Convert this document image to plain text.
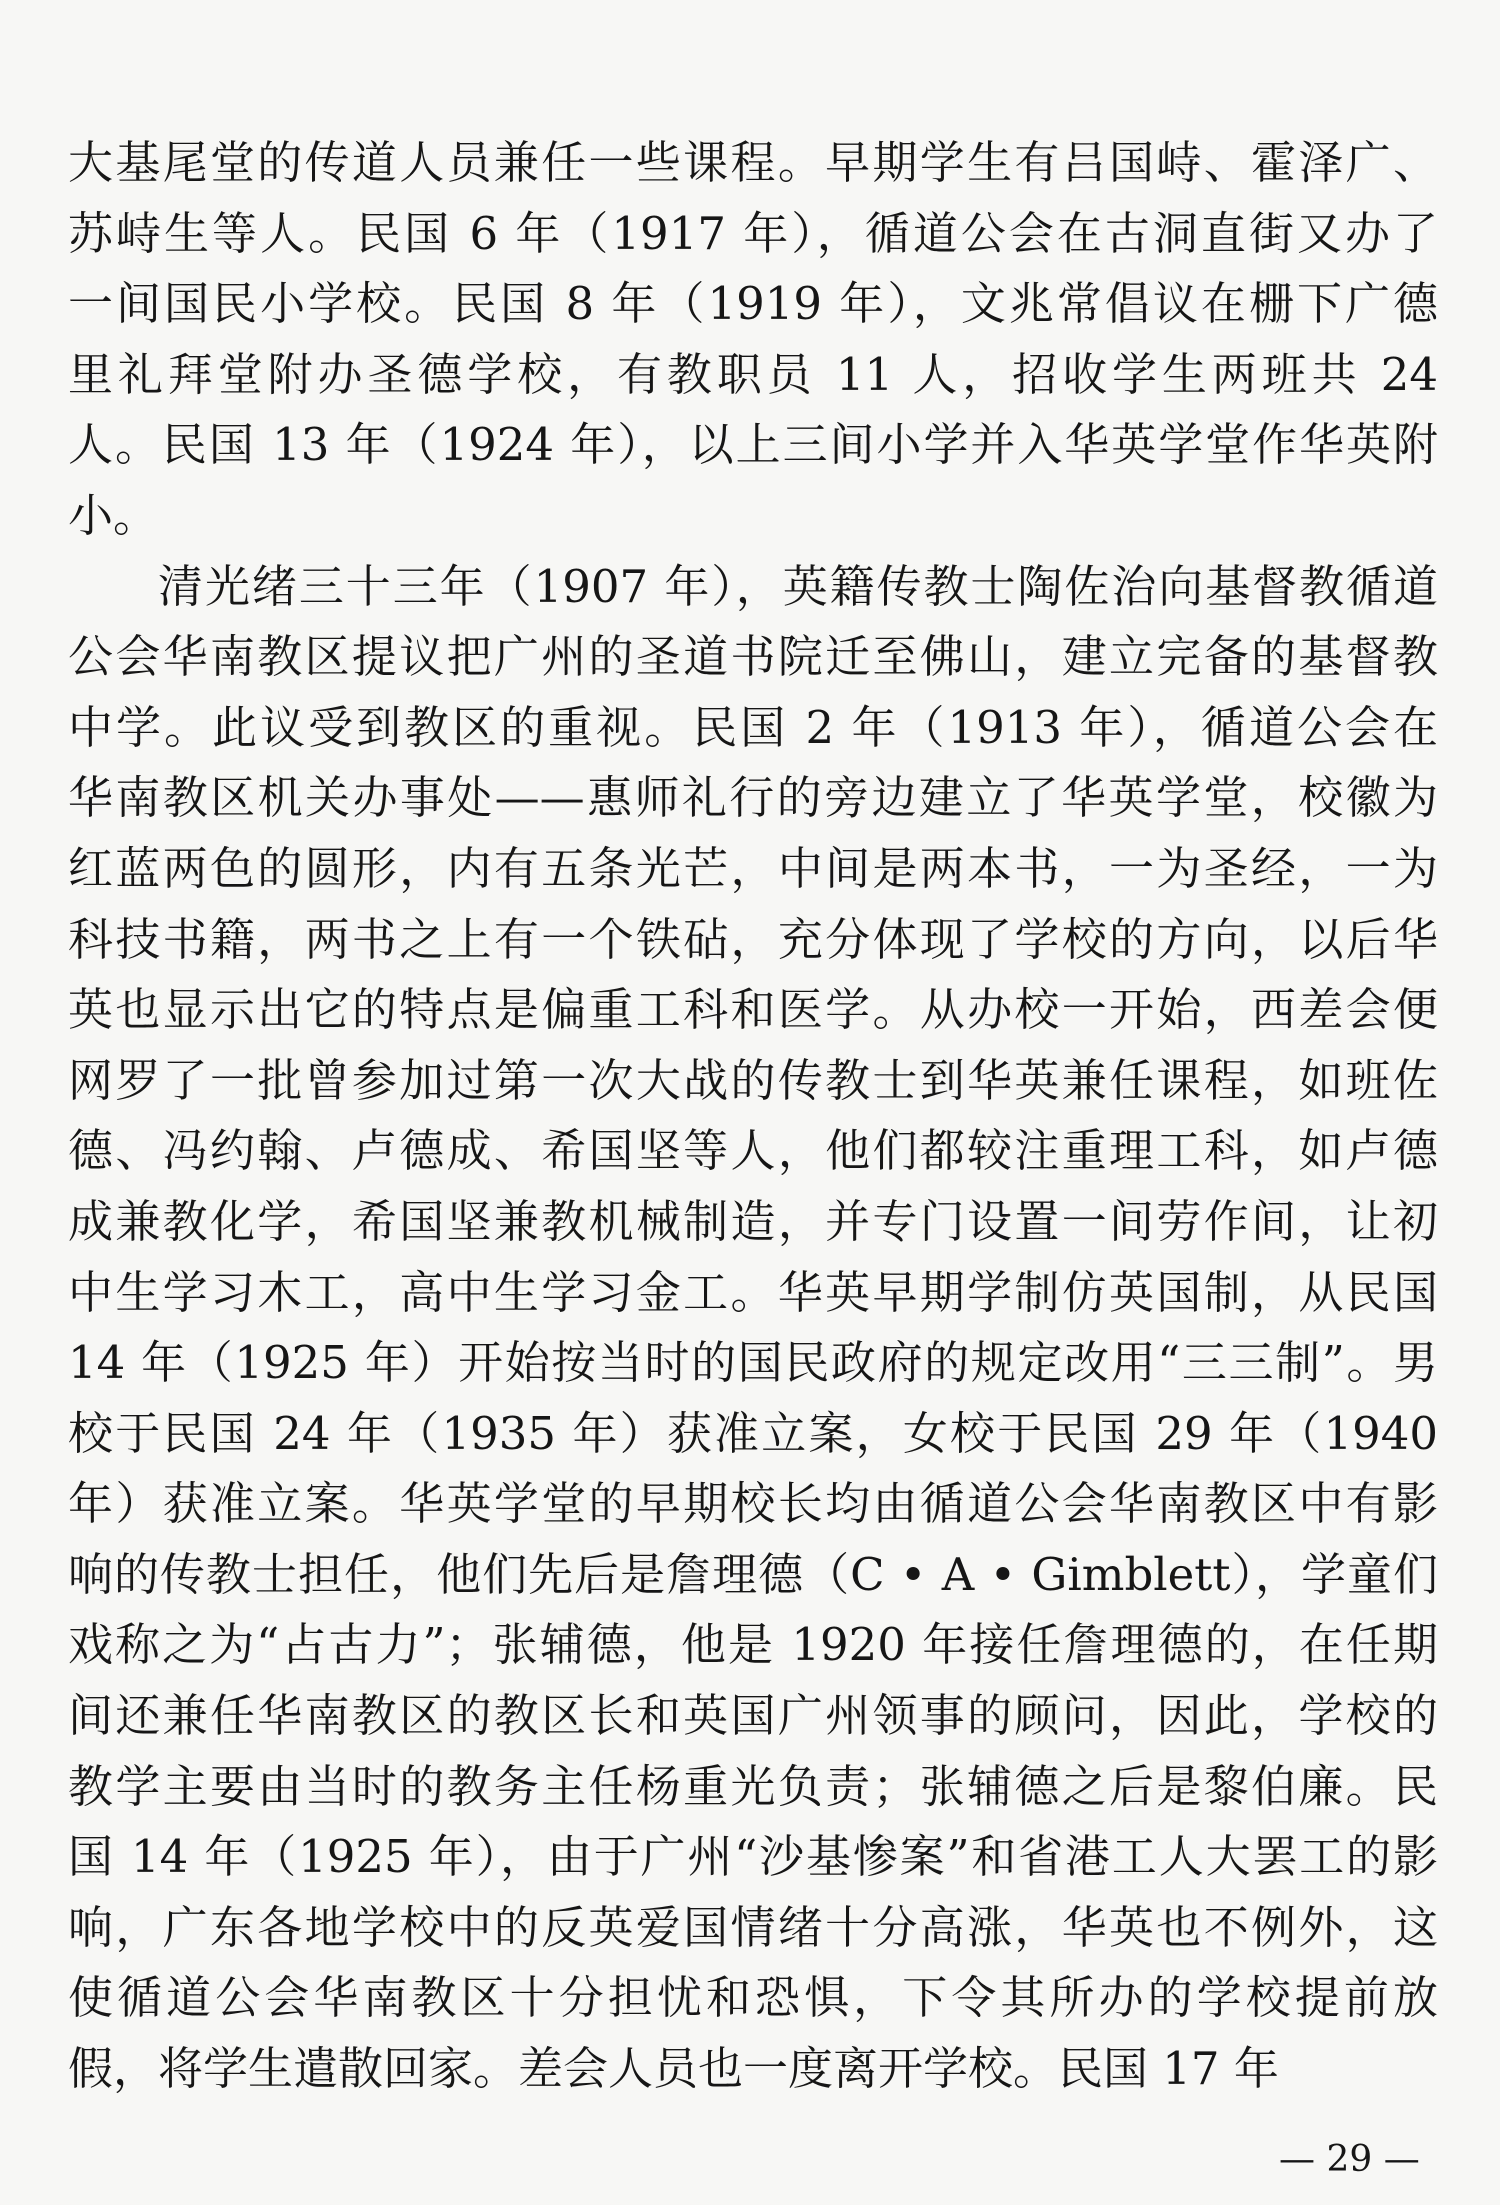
大基尾堂的传道人员兼任一些课程。早期学生有吕国峙、霍泽广、
苏峙生等人。民国 6 年（1917 年），循道公会在古洞直街又办了
一间国民小学校。民国 8 年（1919 年），文兆常倡议在栅下广德
里礼拜堂附办圣德学校，有教职员 11 人，招收学生两班共 24
人。民国 13 年（1924 年），以上三间小学并入华英学堂作华英附
小。
清光绪三十三年（1907 年），英籍传教士陶佐治向基督教循道
公会华南教区提议把广州的圣道书院迁至佛山，建立完备的基督教
中学。此议受到教区的重视。民国 2 年（1913 年），循道公会在
华南教区机关办事处——惠师礼行的旁边建立了华英学堂，校徽为
红蓝两色的圆形，内有五条光芒，中间是两本书，一为圣经，一为
科技书籍，两书之上有一个铁砧，充分体现了学校的方向，以后华
英也显示出它的特点是偏重工科和医学。从办校一开始，西差会便
网罗了一批曾参加过第一次大战的传教士到华英兼任课程，如班佐
德、冯约翰、卢德成、希国坚等人，他们都较注重理工科，如卢德
成兼教化学，希国坚兼教机械制造，并专门设置一间劳作间，让初
中生学习木工，高中生学习金工。华英早期学制仿英国制，从民国
14 年（1925 年）开始按当时的国民政府的规定改用“三三制”。男
校于民国 24 年（1935 年）获准立案，女校于民国 29 年（1940
年）获准立案。华英学堂的早期校长均由循道公会华南教区中有影
响的传教士担任，他们先后是詹理德（C • A • Gimblett），学童们
戏称之为“占古力”；张辅德，他是 1920 年接任詹理德的，在任期
间还兼任华南教区的教区长和英国广州领事的顾问，因此，学校的
教学主要由当时的教务主任杨重光负责；张辅德之后是黎伯廉。民
国 14 年（1925 年），由于广州“沙基惨案”和省港工人大罢工的影
响，广东各地学校中的反英爱国情绪十分高涨，华英也不例外，这
使循道公会华南教区十分担忧和恐惧，下令其所办的学校提前放
假，将学生遣散回家。差会人员也一度离开学校。民国 17 年
— 29 —
